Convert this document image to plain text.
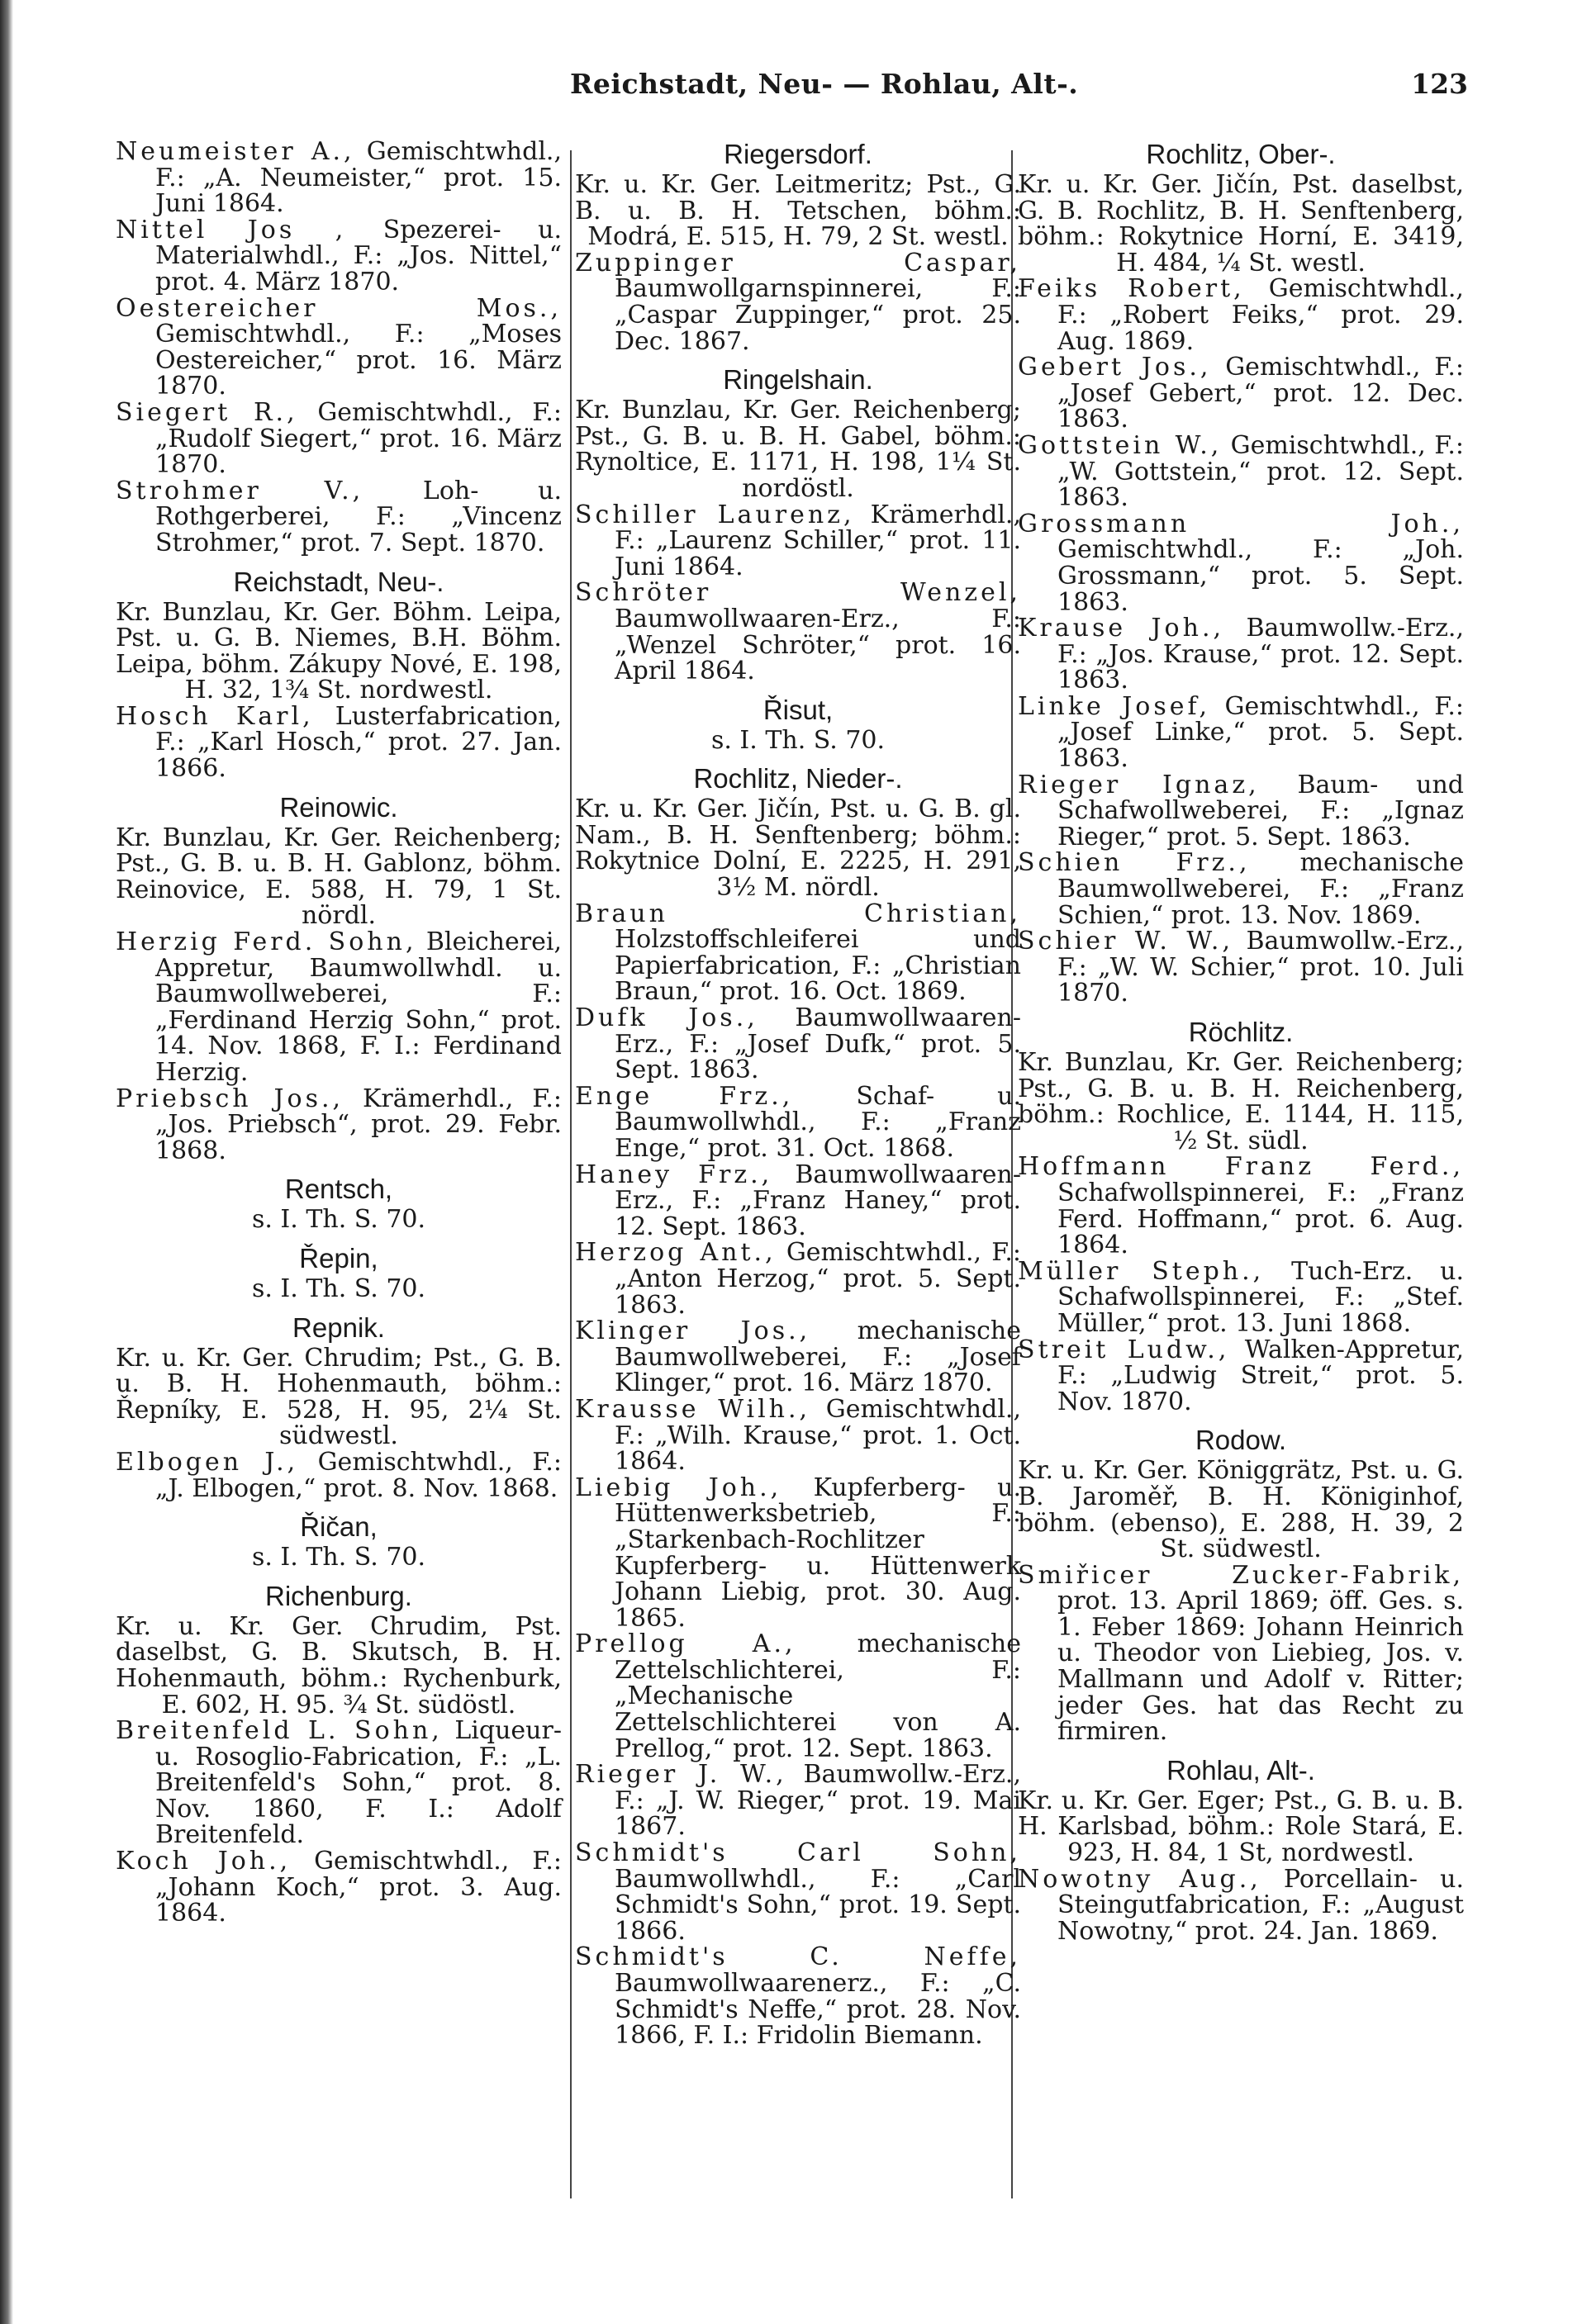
Reichstadt, Neu- — Rohlau, Alt-.	123

Neumeister A., Gemischtwhdl., F.: „A. Neumeister,“ prot. 15. Juni 1864.

Nittel Jos , Spezerei- u. Materialwhdl., F.: „Jos. Nittel,“ prot. 4. März 1870.

Oestereicher Mos., Gemischtwhdl., F.: „Moses Oestereicher,“ prot. 16. März 1870.

Siegert R., Gemischtwhdl., F.: „Rudolf Siegert,“ prot. 16. März 1870.

Strohmer V., Loh- u. Rothgerberei, F.: „Vincenz Strohmer,“ prot. 7. Sept. 1870.

Reichstadt, Neu-.

Kr. Bunzlau, Kr. Ger. Böhm. Leipa, Pst. u. G. B. Niemes, B.H. Böhm. Leipa, böhm. Zákupy Nové, E. 198, H. 32, 1¾ St. nordwestl.

Hosch Karl, Lusterfabrication, F.: „Karl Hosch,“ prot. 27. Jan. 1866.

Reinowic.

Kr. Bunzlau, Kr. Ger. Reichenberg; Pst., G. B. u. B. H. Gablonz, böhm. Reinovice, E. 588, H. 79, 1 St. nördl.

Herzig Ferd. Sohn, Bleicherei, Appretur, Baumwollwhdl. u. Baumwollweberei, F.: „Ferdinand Herzig Sohn,“ prot. 14. Nov. 1868, F. I.: Ferdinand Herzig.

Priebsch Jos., Krämerhdl., F.: „Jos. Priebsch“, prot. 29. Febr. 1868.

Rentsch,

s. I. Th. S. 70.

Řepin,

s. I. Th. S. 70.

Repnik.

Kr. u. Kr. Ger. Chrudim; Pst., G. B. u. B. H. Hohenmauth, böhm.: Řepníky, E. 528, H. 95, 2¼ St. südwestl.

Elbogen J., Gemischtwhdl., F.: „J. Elbogen,“ prot. 8. Nov. 1868.

Řičan,

s. I. Th. S. 70.

Richenburg.

Kr. u. Kr. Ger. Chrudim, Pst. daselbst, G. B. Skutsch, B. H. Hohenmauth, böhm.: Rychenburk, E. 602, H. 95. ¾ St. südöstl.

Breitenfeld L. Sohn, Liqueur- u. Rosoglio-Fabrication, F.: „L. Breitenfeld's Sohn,“ prot. 8. Nov. 1860, F. I.: Adolf Breitenfeld.

Koch Joh., Gemischtwhdl., F.: „Johann Koch,“ prot. 3. Aug. 1864.

Riegersdorf.

Kr. u. Kr. Ger. Leitmeritz; Pst., G. B. u. B. H. Tetschen, böhm.: Modrá, E. 515, H. 79, 2 St. westl.

Zuppinger Caspar, Baumwollgarnspinnerei, F.: „Caspar Zuppinger,“ prot. 25. Dec. 1867.

Ringelshain.

Kr. Bunzlau, Kr. Ger. Reichenberg; Pst., G. B. u. B. H. Gabel, böhm.: Rynoltice, E. 1171, H. 198, 1¼ St. nordöstl.

Schiller Laurenz, Krämerhdl., F.: „Laurenz Schiller,“ prot. 11. Juni 1864.

Schröter Wenzel, Baumwollwaaren-Erz., F.: „Wenzel Schröter,“ prot. 16. April 1864.

Řisut,

s. I. Th. S. 70.

Rochlitz, Nieder-.

Kr. u. Kr. Ger. Jičín, Pst. u. G. B. gl. Nam., B. H. Senftenberg; böhm.: Rokytnice Dolní, E. 2225, H. 291, 3½ M. nördl.

Braun Christian, Holzstoffschleiferei und Papierfabrication, F.: „Christian Braun,“ prot. 16. Oct. 1869.

Dufk Jos., Baumwollwaaren-Erz., F.: „Josef Dufk,“ prot. 5. Sept. 1863.

Enge Frz.,	Schaf- u. Baumwollwhdl., F.: „Franz Enge,“ prot. 31. Oct. 1868.

Haney Frz., Baumwollwaaren-Erz., F.: „Franz Haney,“ prot. 12. Sept. 1863.

Herzog Ant., Gemischtwhdl., F.: „Anton Herzog,“ prot. 5. Sept. 1863.

Klinger Jos., mechanische Baumwollweberei, F.: „Josef Klinger,“ prot. 16. März 1870.

Krausse Wilh., Gemischtwhdl., F.: „Wilh. Krause,“ prot. 1. Oct. 1864.

Liebig Joh., Kupferberg- u. Hüttenwerksbetrieb, F.: „Starkenbach-Rochlitzer Kupferberg- u. Hüttenwerk Johann Liebig, prot. 30. Aug. 1865.

Prellog A., mechanische Zettelschlichterei, F.: „Mechanische Zettelschlichterei von A. Prellog,“ prot. 12. Sept. 1863.

Rieger J. W., Baumwollw.-Erz., F.: „J. W. Rieger,“ prot. 19. Mai 1867.

Schmidt's Carl Sohn, Baumwollwhdl., F.: „Carl Schmidt's Sohn,“ prot. 19. Sept. 1866.

Schmidt's C. Neffe, Baumwollwaarenerz., F.: „C. Schmidt's Neffe,“ prot. 28. Nov. 1866, F. I.: Fridolin Biemann.

Rochlitz, Ober-.

Kr. u. Kr. Ger. Jičín, Pst. daselbst, G. B. Rochlitz, B. H. Senftenberg, böhm.: Rokytnice Horní, E. 3419, H. 484, ¼ St. westl.

Feiks Robert, Gemischtwhdl., F.: „Robert Feiks,“ prot. 29. Aug. 1869.

Gebert Jos., Gemischtwhdl., F.: „Josef Gebert,“ prot. 12. Dec. 1863.

Gottstein W., Gemischtwhdl., F.: „W. Gottstein,“ prot. 12. Sept. 1863.

Grossmann Joh., Gemischtwhdl., F.: „Joh. Grossmann,“ prot. 5. Sept. 1863.

Krause Joh., Baumwollw.-Erz., F.: „Jos. Krause,“ prot. 12. Sept. 1863.

Linke Josef, Gemischtwhdl., F.: „Josef Linke,“ prot. 5. Sept. 1863.

Rieger Ignaz, Baum- und Schafwollweberei, F.: „Ignaz Rieger,“ prot. 5. Sept. 1863.

Schien Frz., mechanische Baumwollweberei, F.: „Franz Schien,“ prot. 13. Nov. 1869.

Schier W. W., Baumwollw.-Erz., F.: „W. W. Schier,“ prot. 10. Juli 1870.

Röchlitz.

Kr. Bunzlau, Kr. Ger. Reichenberg; Pst., G. B. u. B. H. Reichenberg, böhm.: Rochlice, E. 1144, H. 115, ½ St. südl.

Hoffmann Franz Ferd., Schafwollspinnerei, F.: „Franz Ferd. Hoffmann,“ prot. 6. Aug. 1864.

Müller Steph., Tuch-Erz. u. Schafwollspinnerei, F.: „Stef. Müller,“ prot. 13. Juni 1868.

Streit Ludw., Walken-Appretur, F.: „Ludwig Streit,“ prot. 5. Nov. 1870.

Rodow.

Kr. u. Kr. Ger. Königgrätz, Pst. u. G. B. Jaroměř, B. H. Königinhof, böhm. (ebenso), E. 288, H. 39, 2 St. südwestl.

Smiřicer Zucker-Fabrik, prot. 13. April 1869; öff. Ges. s. 1. Feber 1869: Johann Heinrich u. Theodor von Liebieg, Jos. v. Mallmann und Adolf v. Ritter; jeder Ges. hat das Recht zu firmiren.

Rohlau, Alt-.

Kr. u. Kr. Ger. Eger; Pst., G. B. u. B. H. Karlsbad, böhm.: Role Stará, E. 923, H. 84, 1 St, nordwestl.

Nowotny Aug., Porcellain- u. Steingutfabrication, F.: „August Nowotny,“ prot. 24. Jan. 1869.
